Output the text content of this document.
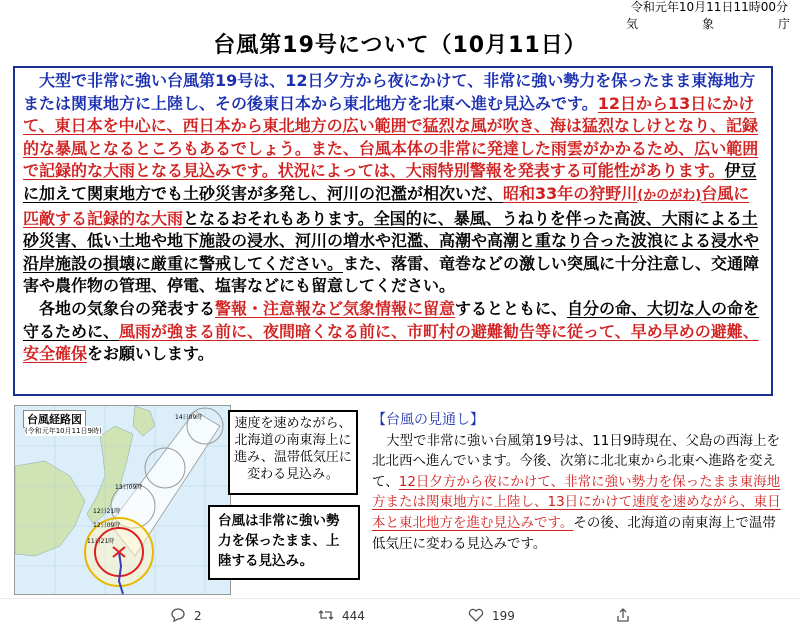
令和元年10月11日11時00分
気	象	庁
台風第19号について（10月11日）

　大型で非常に強い台風第19号は、12日夕方から夜にかけて、非常に強い勢力を保ったまま東海地方または関東地方に上陸し、その後東日本から東北地方を北東へ進む見込みです。12日から13日にかけて、東日本を中心に、西日本から東北地方の広い範囲で猛烈な風が吹き、海は猛烈なしけとなり、記録的な暴風となるところもあるでしょう。また、台風本体の非常に発達した雨雲がかかるため、広い範囲で記録的な大雨となる見込みです。状況によっては、大雨特別警報を発表する可能性があります。伊豆に加えて関東地方でも土砂災害が多発し、河川の氾濫が相次いだ、昭和33年の狩野川(かのがわ)台風に匹敵する記録的な大雨となるおそれもあります。全国的に、暴風、うねりを伴った高波、大雨による土砂災害、低い土地や地下施設の浸水、河川の増水や氾濫、高潮や高潮と重なり合った波浪による浸水や沿岸施設の損壊に厳重に警戒してください。また、落雷、竜巻などの激しい突風に十分注意し、交通障害や農作物の管理、停電、塩害などにも留意してください。

　各地の気象台の発表する警報・注意報など気象情報に留意するとともに、自分の命、大切な人の命を守るために、風雨が強まる前に、夜間暗くなる前に、市町村の避難勧告等に従って、早め早めの避難、安全確保をお願いします。

台風経路図
(令和元年10月11日9時)
14日09時
13日09時
12日21時
12日09時
11日21時
速度を速めながら、北海道の南東海上に進み、温帯低気圧に変わる見込み。
台風は非常に強い勢力を保ったまま、上陸する見込み。
【台風の見通し】
大型で非常に強い台風第19号は、11日9時現在、父島の西海上を北北西へ進んでいます。今後、次第に北北東から北東へ進路を変えて、12日夕方から夜にかけて、非常に強い勢力を保ったまま東海地方または関東地方に上陸し、13日にかけて速度を速めながら、東日本と東北地方を進む見込みです。その後、北海道の南東海上で温帯低気圧に変わる見込みです。
2	444	199
